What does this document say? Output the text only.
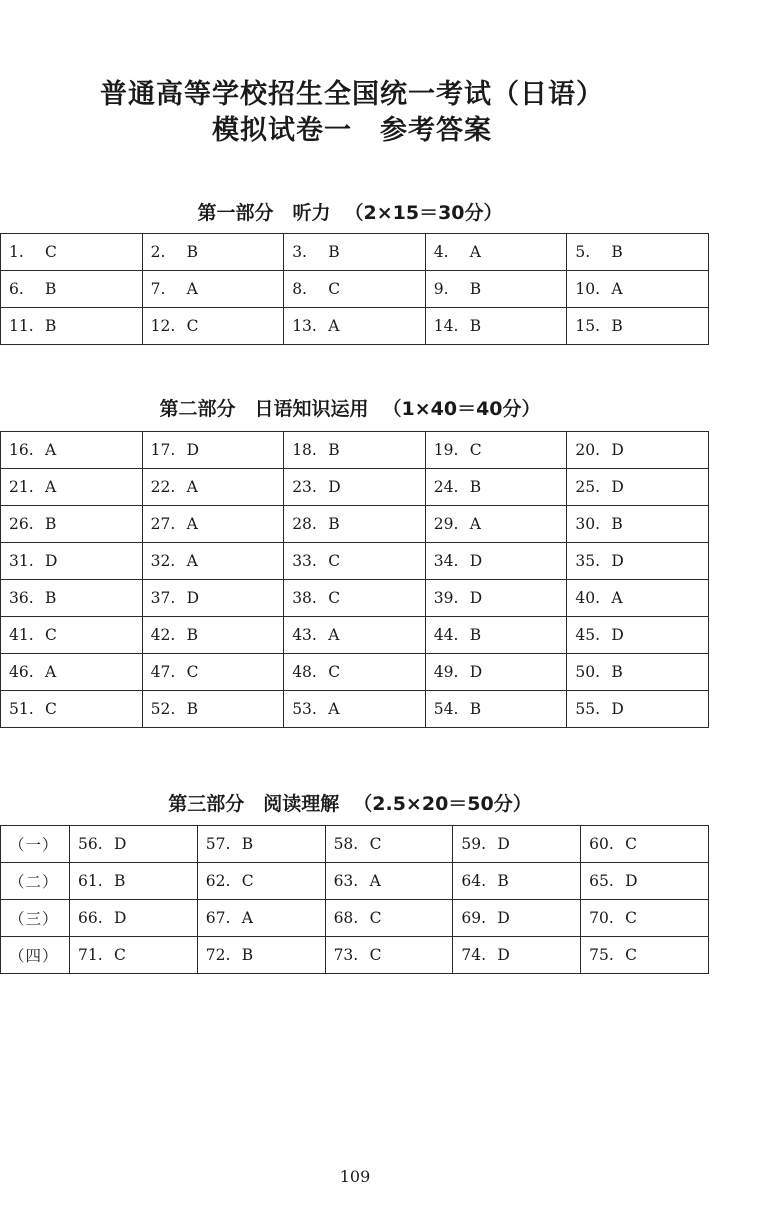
普通高等学校招生全国统一考试（日语）
模拟试卷一　参考答案
第一部分　听力 （2×15＝30分）
1. C	2. B	3. B	4. A	5. B
6. B	7. A	8. C	9. B	10. A
11. B	12. C	13. A	14. B	15. B
第二部分　日语知识运用 （1×40＝40分）
16. A	17. D	18. B	19. C	20. D
21. A	22. A	23. D	24. B	25. D
26. B	27. A	28. B	29. A	30. B
31. D	32. A	33. C	34. D	35. D
36. B	37. D	38. C	39. D	40. A
41. C	42. B	43. A	44. B	45. D
46. A	47. C	48. C	49. D	50. B
51. C	52. B	53. A	54. B	55. D
第三部分　阅读理解 （2.5×20＝50分）
（一）	56. D	57. B	58. C	59. D	60. C
（二）	61. B	62. C	63. A	64. B	65. D
（三）	66. D	67. A	68. C	69. D	70. C
（四）	71. C	72. B	73. C	74. D	75. C

109
